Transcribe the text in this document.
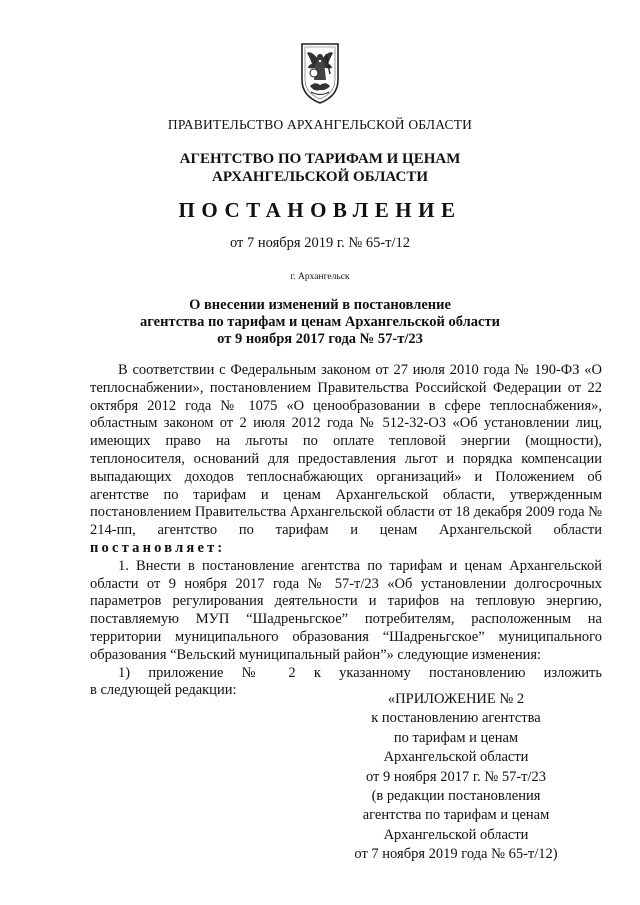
ПРАВИТЕЛЬСТВО АРХАНГЕЛЬСКОЙ ОБЛАСТИ
АГЕНТСТВО ПО ТАРИФАМ И ЦЕНАМ
АРХАНГЕЛЬСКОЙ ОБЛАСТИ
ПОСТАНОВЛЕНИЕ
от 7 ноября 2019 г. № 65-т/12
г. Архангельск
О внесении изменений в постановление
агентства по тарифам и ценам Архангельской области
от 9 ноября 2017 года № 57-т/23

В соответствии с Федеральным законом от 27 июля 2010 года № 190-ФЗ «О теплоснабжении», постановлением Правительства Российской Федерации от 22 октября 2012 года № 1075 «О ценообразовании в сфере теплоснабжения», областным законом от 2 июля 2012 года № 512-32-ОЗ «Об установлении лиц, имеющих право на льготы по оплате тепловой энергии (мощности), теплоносителя, оснований для предоставления льгот и порядка компенсации выпадающих доходов теплоснабжающих организаций» и Положением об агентстве по тарифам и ценам Архангельской области, утвержденным постановлением Правительства Архангельской области от 18 декабря 2009 года № 214-пп, агентство по тарифам и ценам Архангельской области постановляет:

1. Внести в постановление агентства по тарифам и ценам Архангельской области от 9 ноября 2017 года № 57-т/23 «Об установлении долгосрочных параметров регулирования деятельности и тарифов на тепловую энергию, поставляемую МУП “Шадреньгское” потребителям, расположенным на территории муниципального образования “Шадреньгское” муниципального образования “Вельский муниципальный район”» следующие изменения:

1) приложение № 2 к указанному постановлению изложить
в следующей редакции:

«ПРИЛОЖЕНИЕ № 2
к постановлению агентства
по тарифам и ценам
Архангельской области
от 9 ноября 2017 г. № 57-т/23
(в редакции постановления
агентства по тарифам и ценам
Архангельской области
от 7 ноября 2019 года № 65-т/12)
